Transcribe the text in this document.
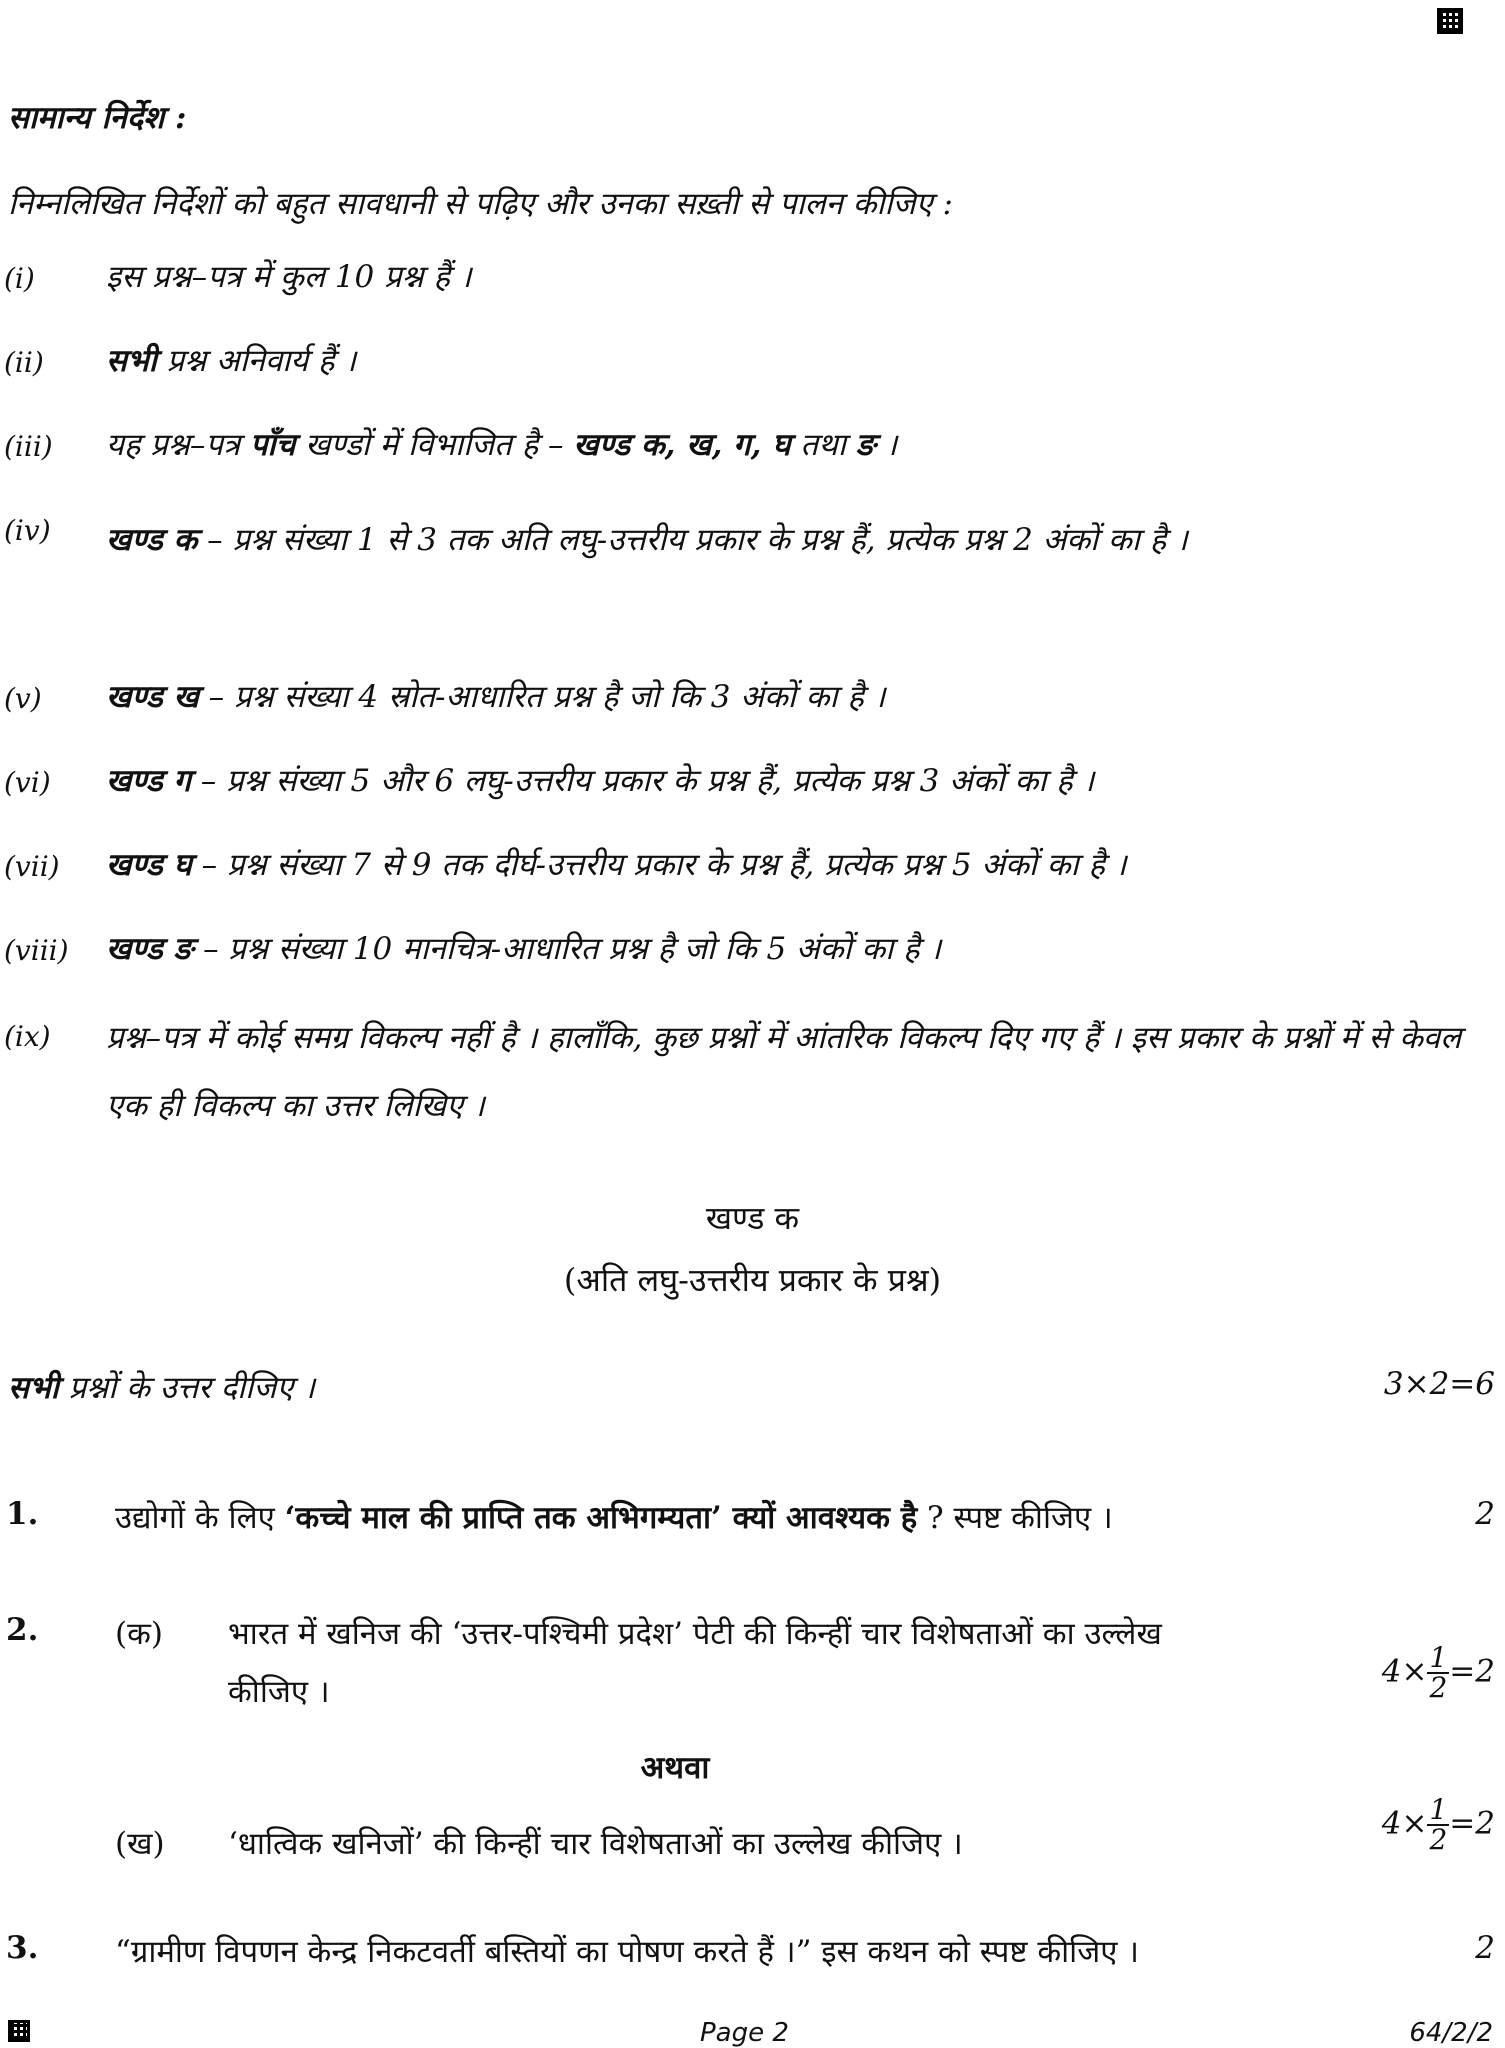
सामान्य निर्देश :
निम्नलिखित निर्देशों को बहुत सावधानी से पढ़िए और उनका सख़्ती से पालन कीजिए :
(i) इस प्रश्न–पत्र में कुल 10 प्रश्न हैं ।
(ii) सभी प्रश्न अनिवार्य हैं ।
(iii) यह प्रश्न–पत्र पाँच खण्डों में विभाजित है – खण्ड क, ख, ग, घ तथा ङ ।
(iv) खण्ड क – प्रश्न संख्या 1 से 3 तक अति लघु-उत्तरीय प्रकार के प्रश्न हैं, प्रत्येक प्रश्न 2 अंकों का है ।
(v) खण्ड ख – प्रश्न संख्या 4 स्रोत-आधारित प्रश्न है जो कि 3 अंकों का है ।
(vi) खण्ड ग – प्रश्न संख्या 5 और 6 लघु-उत्तरीय प्रकार के प्रश्न हैं, प्रत्येक प्रश्न 3 अंकों का है ।
(vii) खण्ड घ – प्रश्न संख्या 7 से 9 तक दीर्घ-उत्तरीय प्रकार के प्रश्न हैं, प्रत्येक प्रश्न 5 अंकों का है ।
(viii) खण्ड ङ – प्रश्न संख्या 10 मानचित्र-आधारित प्रश्न है जो कि 5 अंकों का है ।
(ix) प्रश्न–पत्र में कोई समग्र विकल्प नहीं है । हालाँकि, कुछ प्रश्नों में आंतरिक विकल्प दिए गए हैं । इस प्रकार के प्रश्नों में से केवल एक ही विकल्प का उत्तर लिखिए ।
खण्ड क
(अति लघु-उत्तरीय प्रकार के प्रश्न)
सभी प्रश्नों के उत्तर दीजिए ।	3×2=6
1. उद्योगों के लिए ‘कच्चे माल की प्राप्ति तक अभिगम्यता’ क्यों आवश्यक है ? स्पष्ट कीजिए ।	2
2. (क) भारत में खनिज की ‘उत्तर-पश्चिमी प्रदेश’ पेटी की किन्हीं चार विशेषताओं का उल्लेख
कीजिए ।
$4\times \frac{1}{2} =2$
अथवा
(ख) ‘धात्विक खनिजों’ की किन्हीं चार विशेषताओं का उल्लेख कीजिए ।
$4\times \frac{1}{2} =2$
3. “ग्रामीण विपणन केन्द्र निकटवर्ती बस्तियों का पोषण करते हैं ।” इस कथन को स्पष्ट कीजिए ।	2
Page 2	64/2/2
